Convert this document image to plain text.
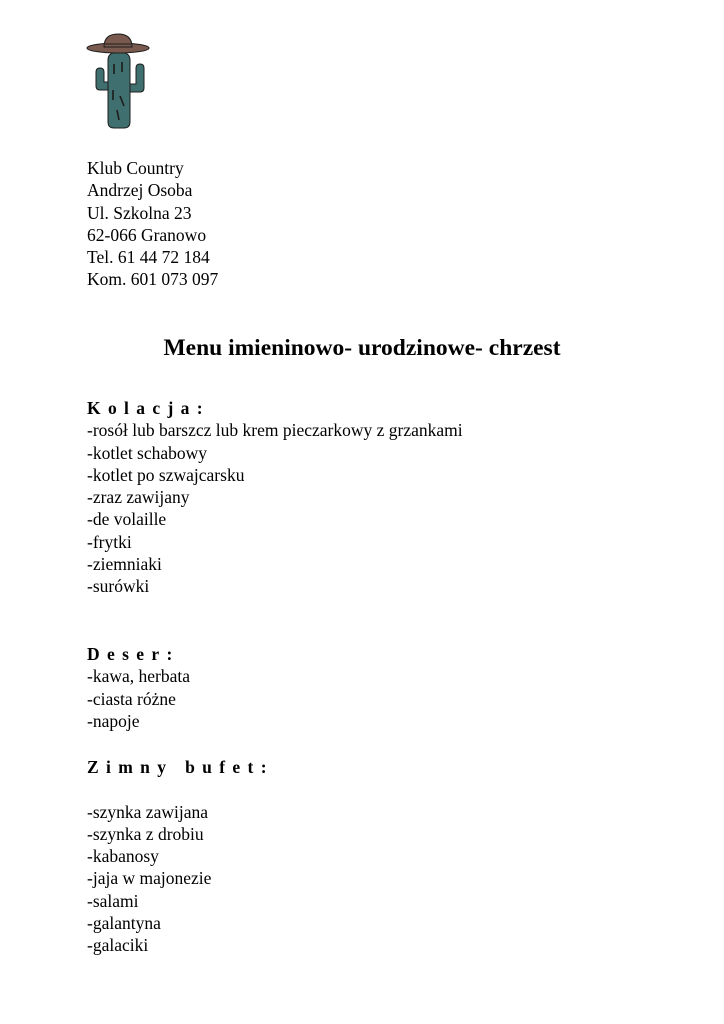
Klub Country
Andrzej Osoba
Ul. Szkolna 23
62-066 Granowo
Tel. 61 44 72 184
Kom. 601 073 097
Menu imieninowo- urodzinowe- chrzest
Kolacja:
-rosół lub barszcz lub krem pieczarkowy z grzankami
-kotlet schabowy
-kotlet po szwajcarsku
-zraz zawijany
-de volaille
-frytki
-ziemniaki
-surówki
Deser:
-kawa, herbata
-ciasta różne
-napoje
Zimny bufet:
-szynka zawijana
-szynka z drobiu
-kabanosy
-jaja w majonezie
-salami
-galantyna
-galaciki
